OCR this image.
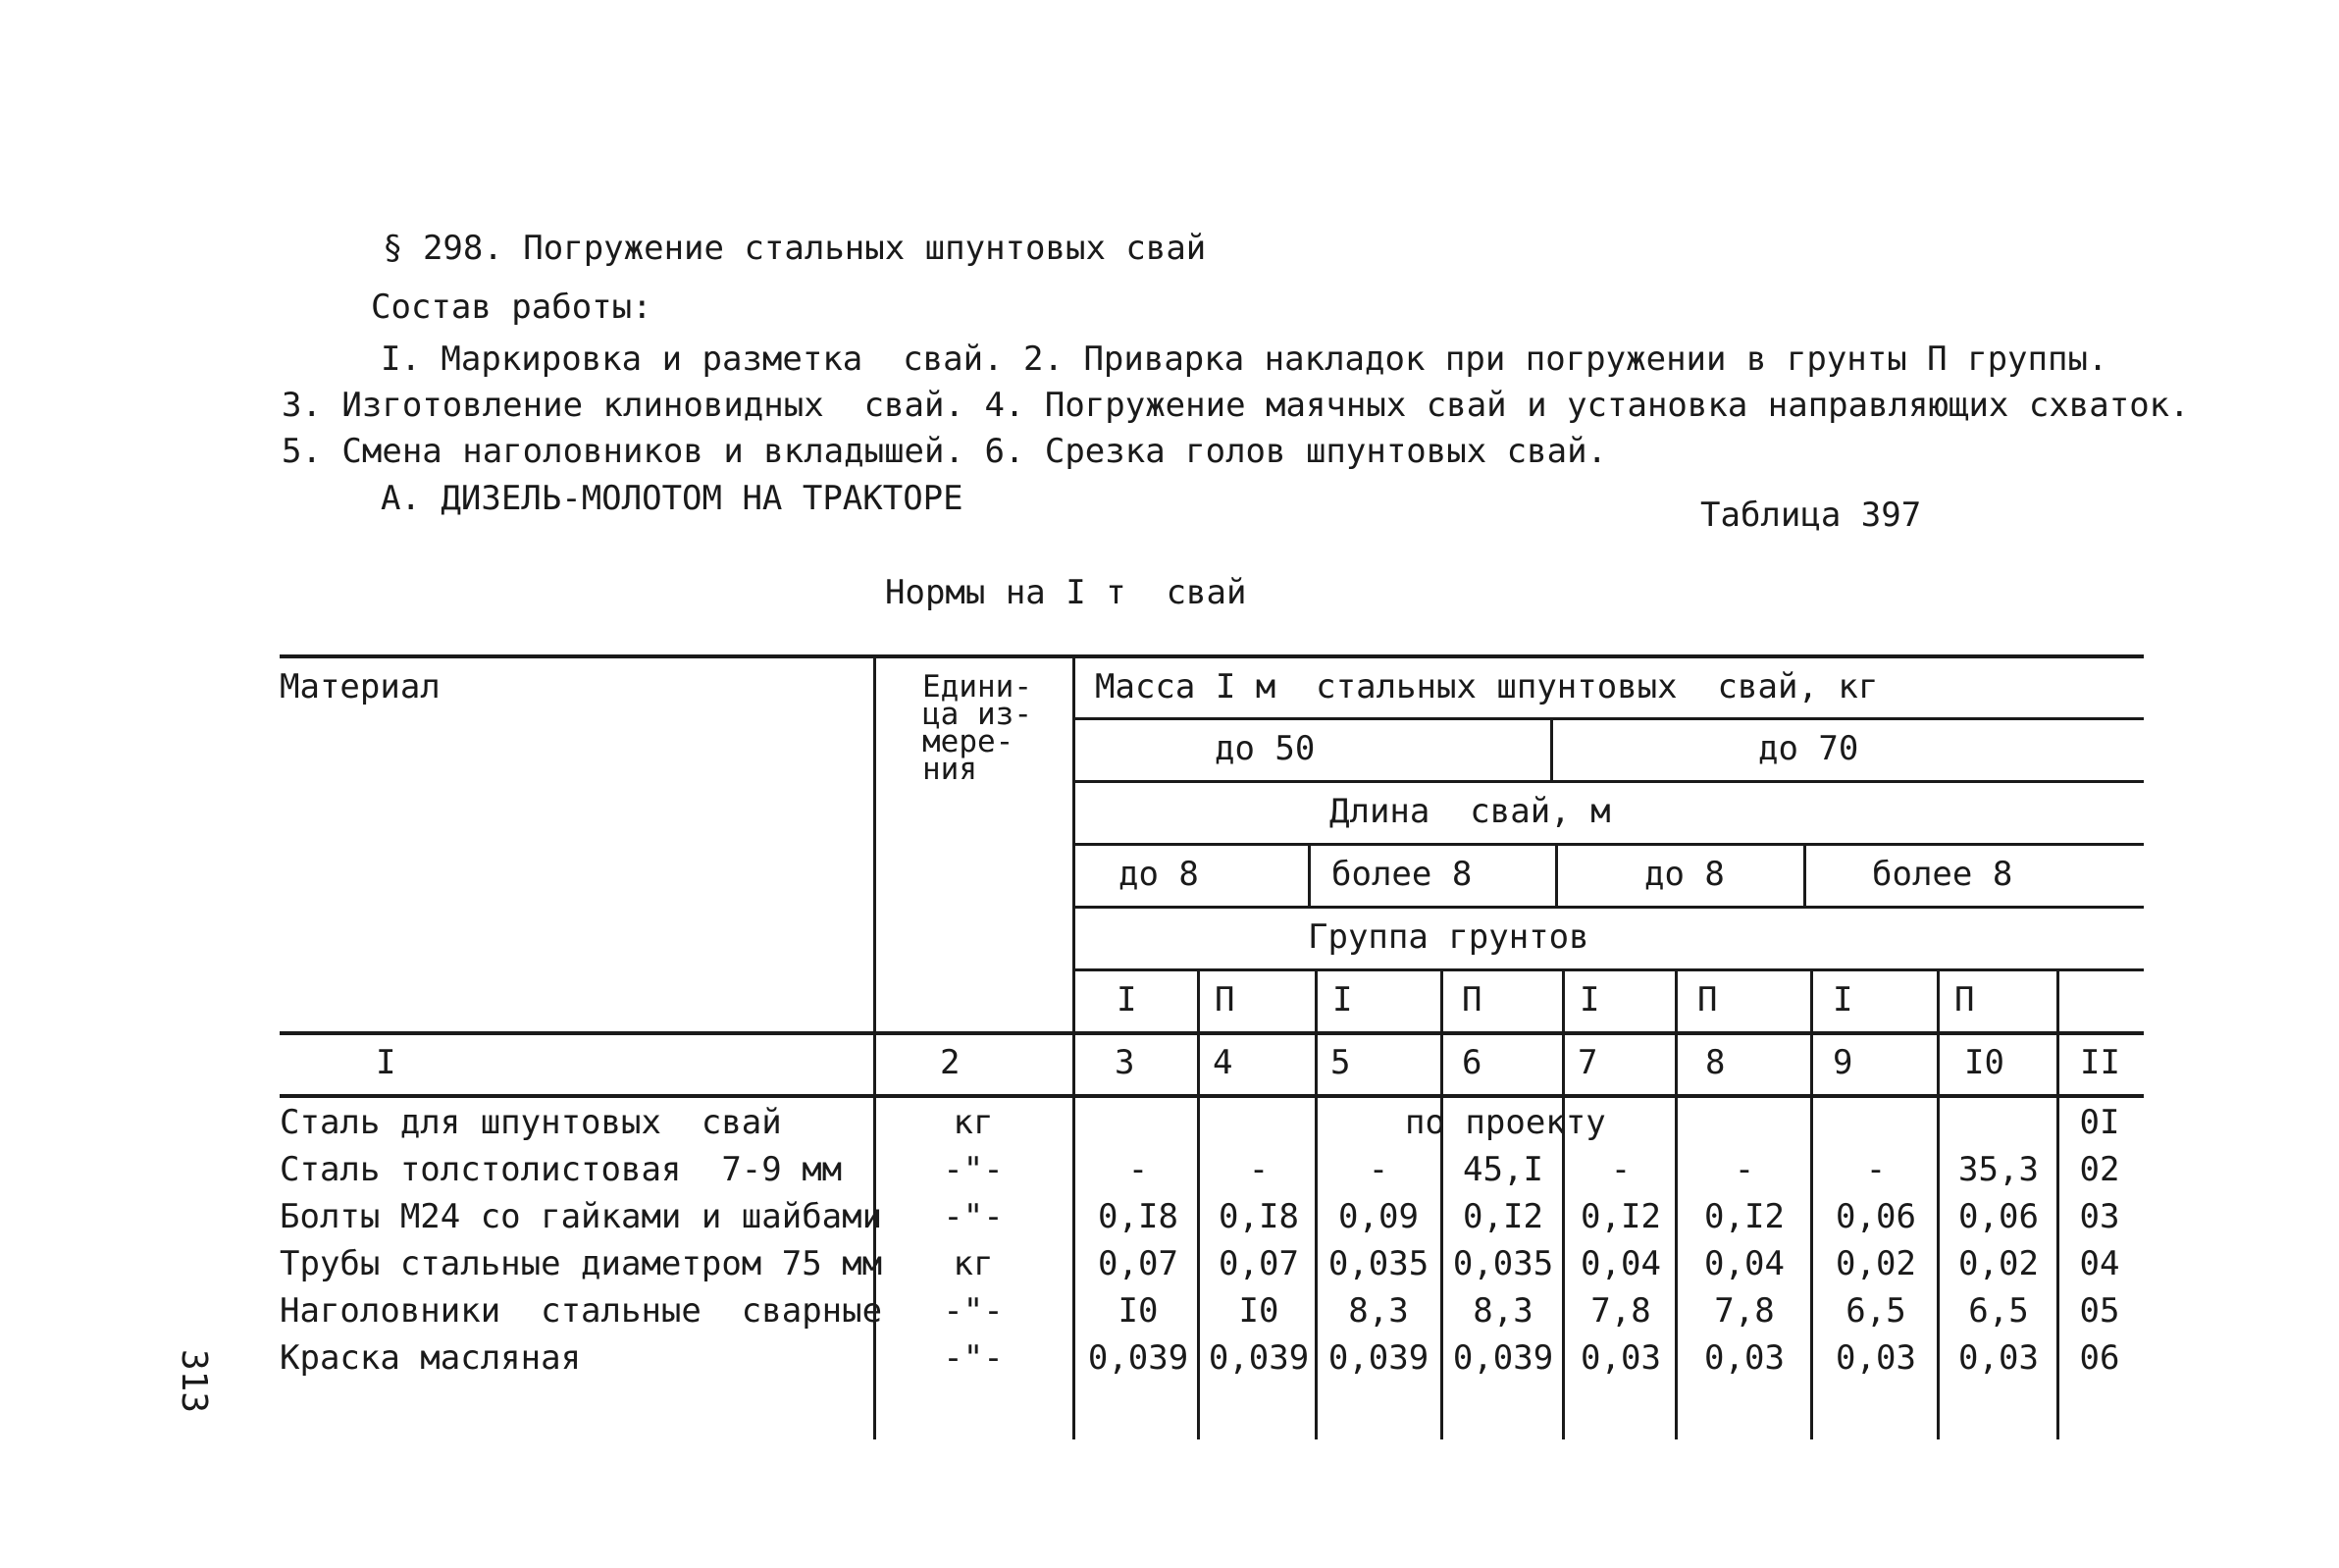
§ 298. Погружение стальных шпунтовых свай
Состав работы:
I. Маркировка и разметка  свай. 2. Приварка накладок при погружении в грунты П группы.
3. Изготовление клиновидных  свай. 4. Погружение маячных свай и установка направляющих схваток.
5. Смена наголовников и вкладышей. 6. Срезка голов шпунтовых свай.
А. ДИЗЕЛЬ-МОЛОТОМ НА ТРАКТОРЕ	Таблица 397
Нормы на I т  свай
313
Материал	Едини-
ца из-
мере-
ния
Масса I м  стальных шпунтовых  свай, кг
до 50	до 70
Длина  свай, м
до 8	более 8	до 8	более 8
Группа грунтов
I П	I	П	I	П	I	П
I	2	3 4	5	6	7	8	9	I0 II
Сталь для шпунтовых  свай	кг	по проекту	0I
Сталь толстолистовая  7-9 мм	-"-	-	-	-	45,I	-	-	-	35,3	02
Болты М24 со гайками и шайбами	-"-	0,I8	0,I8	0,09	0,I2	0,I2	0,I2	0,06	0,06	03
Трубы стальные диаметром 75 мм	кг	0,07	0,07 0,035 0,035 0,04	0,04	0,02	0,02	04
Наголовники  стальные  сварные	-"-	I0	I0	8,3	8,3	7,8	7,8	6,5	6,5	05
Краска масляная	-"-	0,039 0,039 0,039 0,039 0,03	0,03	0,03	0,03	06
